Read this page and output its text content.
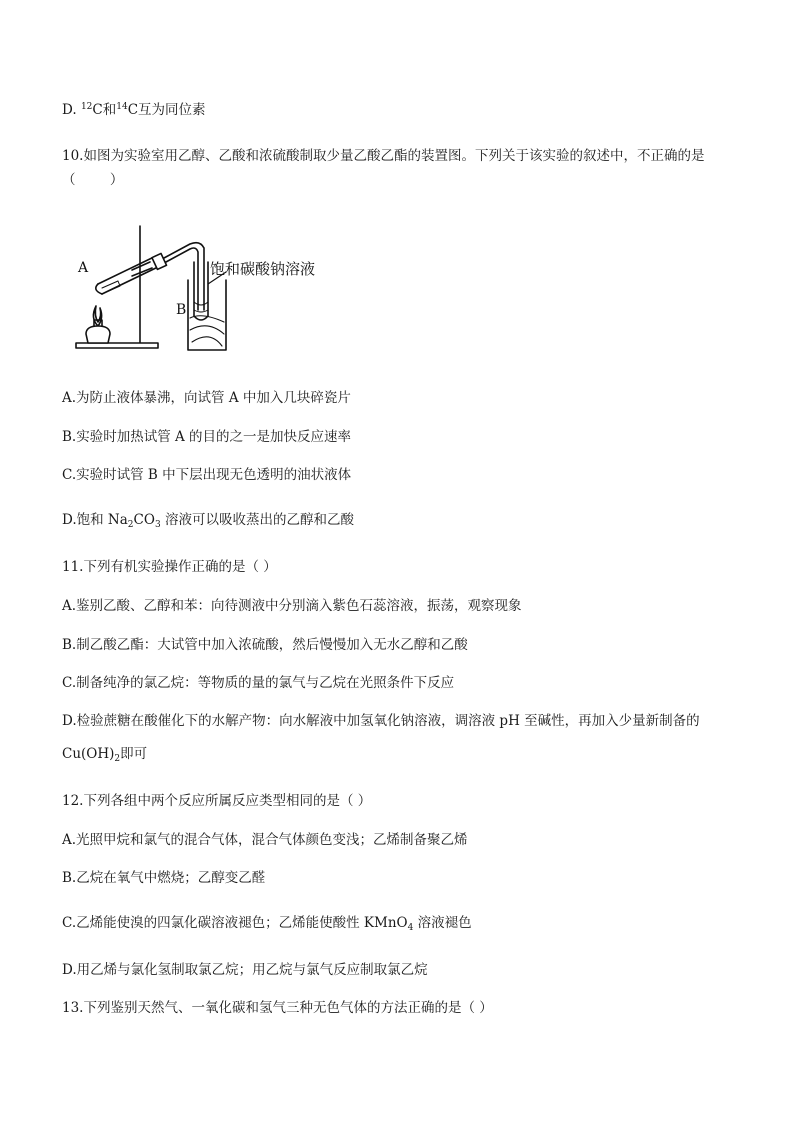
D. $^{12}$C和$^{14}$C互为同位素
10.如图为实验室用乙醇、乙酸和浓硫酸制取少量乙酸乙酯的装置图。下列关于该实验的叙述中，不正确的是
（        ）
A
B
饱和碳酸钠溶液
A.为防止液体暴沸，向试管 A 中加入几块碎瓷片
B.实验时加热试管 A 的目的之一是加快反应速率
C.实验时试管 B 中下层出现无色透明的油状液体
D.饱和 $Na_2CO_3$ 溶液可以吸收蒸出的乙醇和乙酸
11.下列有机实验操作正确的是（ ）
A.鉴别乙酸、乙醇和苯：向待测液中分别滴入紫色石蕊溶液，振荡，观察现象
B.制乙酸乙酯：大试管中加入浓硫酸，然后慢慢加入无水乙醇和乙酸
C.制备纯净的氯乙烷：等物质的量的氯气与乙烷在光照条件下反应
D.检验蔗糖在酸催化下的水解产物：向水解液中加氢氧化钠溶液，调溶液 pH 至碱性，再加入少量新制备的
$Cu(OH)_2$即可
12.下列各组中两个反应所属反应类型相同的是（ ）
A.光照甲烷和氯气的混合气体，混合气体颜色变浅；乙烯制备聚乙烯
B.乙烷在氧气中燃烧；乙醇变乙醛
C.乙烯能使溴的四氯化碳溶液褪色；乙烯能使酸性 KMnO$_4$ 溶液褪色
D.用乙烯与氯化氢制取氯乙烷；用乙烷与氯气反应制取氯乙烷
13.下列鉴别天然气、一氧化碳和氢气三种无色气体的方法正确的是（ ）
